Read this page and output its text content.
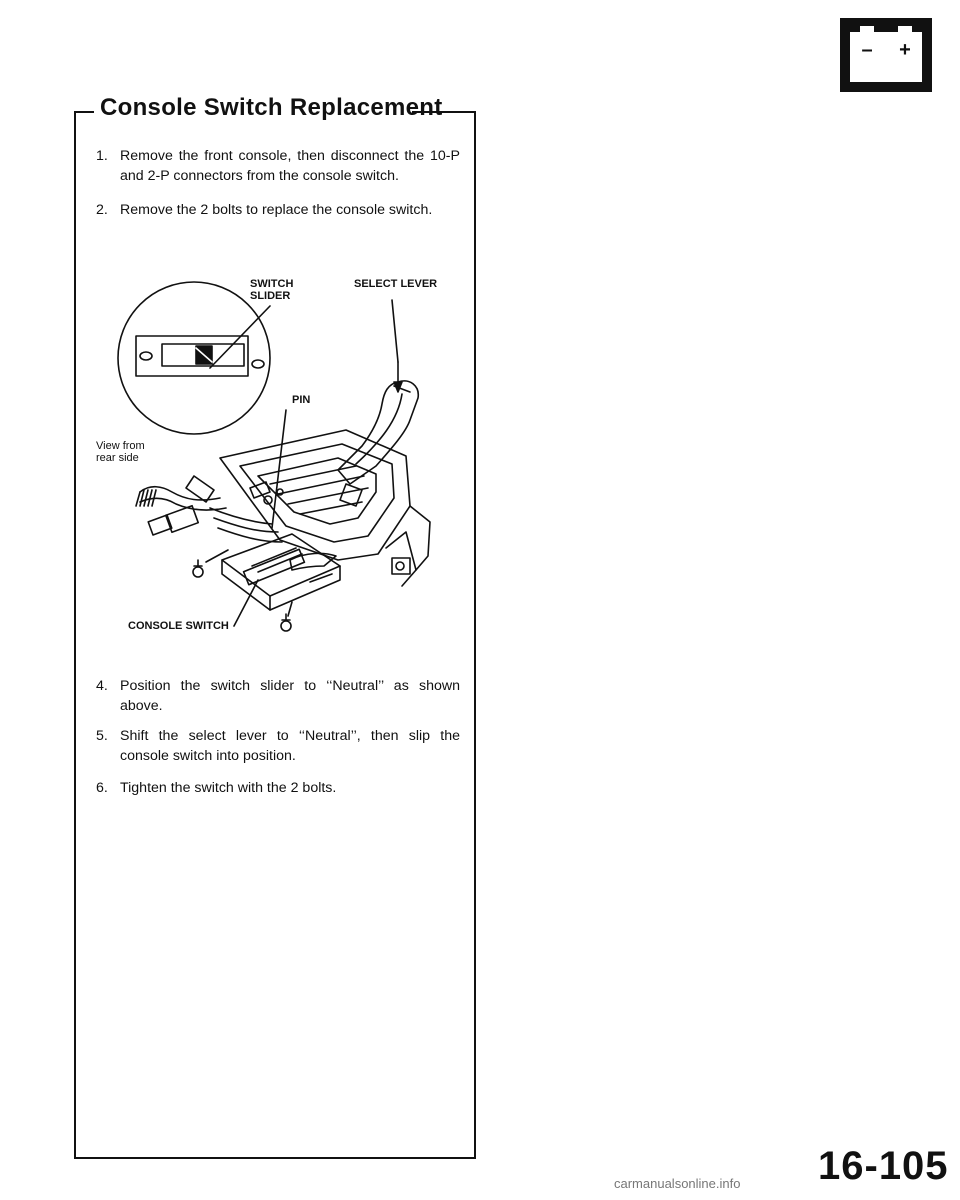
– +
Console Switch Replacement
1. Remove the front console, then disconnect the 10-P and 2-P connectors from the console switch.
2. Remove the 2 bolts to replace the console switch.
SWITCH
SLIDER
SELECT LEVER
PIN
View from
rear side
CONSOLE SWITCH
4. Position the switch slider to ‘‘Neutral’’ as shown above.
5. Shift the select lever to ‘‘Neutral’’, then slip the console switch into position.
6. Tighten the switch with the 2 bolts.
16-105
carmanualsonline.info
